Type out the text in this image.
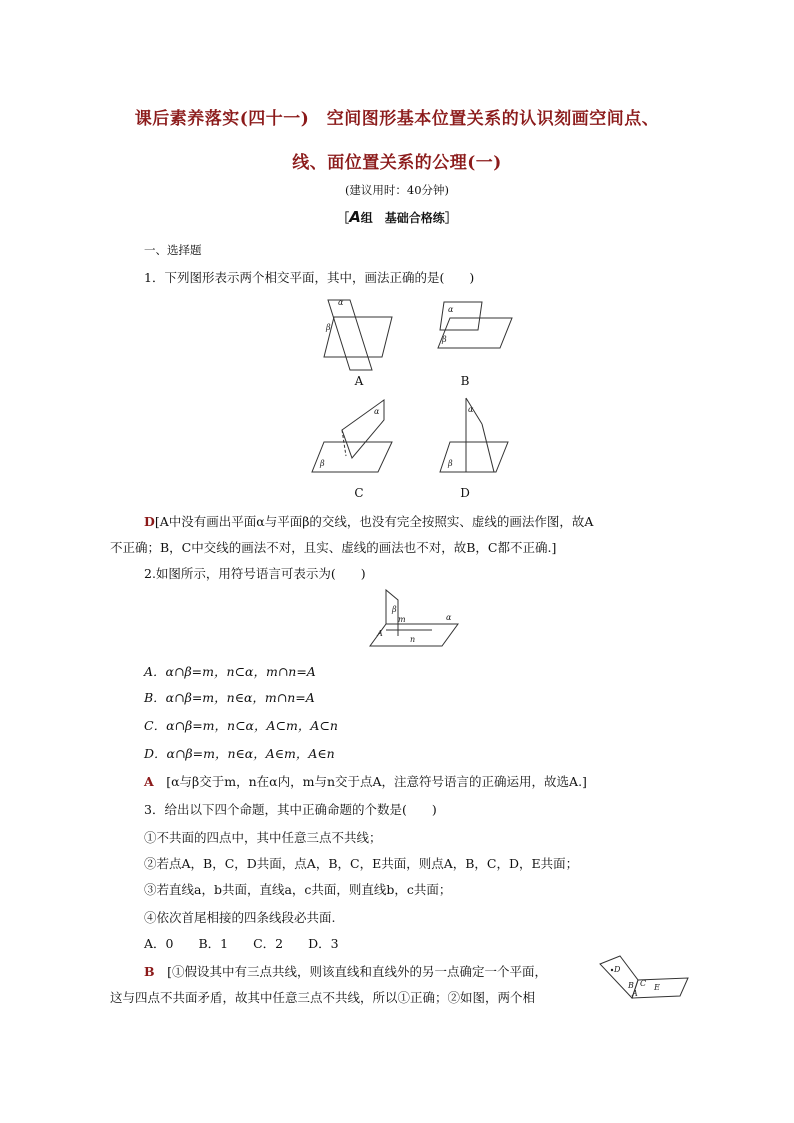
课后素养落实(四十一)　空间图形基本位置关系的认识刻画空间点、
线、面位置关系的公理(一)
(建议用时：40分钟)
［A组　基础合格练］
一、选择题
1．下列图形表示两个相交平面，其中，画法正确的是(　　)
α
β
A
α
β
B
α
β
C
α
β
D
D[A中没有画出平面α与平面β的交线，也没有完全按照实、虚线的画法作图，故A
不正确；B，C中交线的画法不对，且实、虚线的画法也不对，故B，C都不正确.]
2.如图所示，用符号语言可表示为(　　)
β
α
m
n
A
A．α∩β=m，n⊂α，m∩n=A
B．α∩β=m，n∈α，m∩n=A
C．α∩β=m，n⊂α，A⊂m，A⊂n
D．α∩β=m，n∈α，A∈m，A∈n
A　 [α与β交于m，n在α内，m与n交于点A，注意符号语言的正确运用，故选A.]
3．给出以下四个命题，其中正确命题的个数是(　　)
①不共面的四点中，其中任意三点不共线；
②若点A，B，C，D共面，点A，B，C，E共面，则点A，B，C，D，E共面；
③若直线a，b共面，直线a，c共面，则直线b，c共面；
④依次首尾相接的四条线段必共面.
A．0　　B．1　　C．2　　D．3
B　 [①假设其中有三点共线，则该直线和直线外的另一点确定一个平面，
这与四点不共面矛盾，故其中任意三点不共线，所以①正确；②如图，两个相
D
B C E
A
